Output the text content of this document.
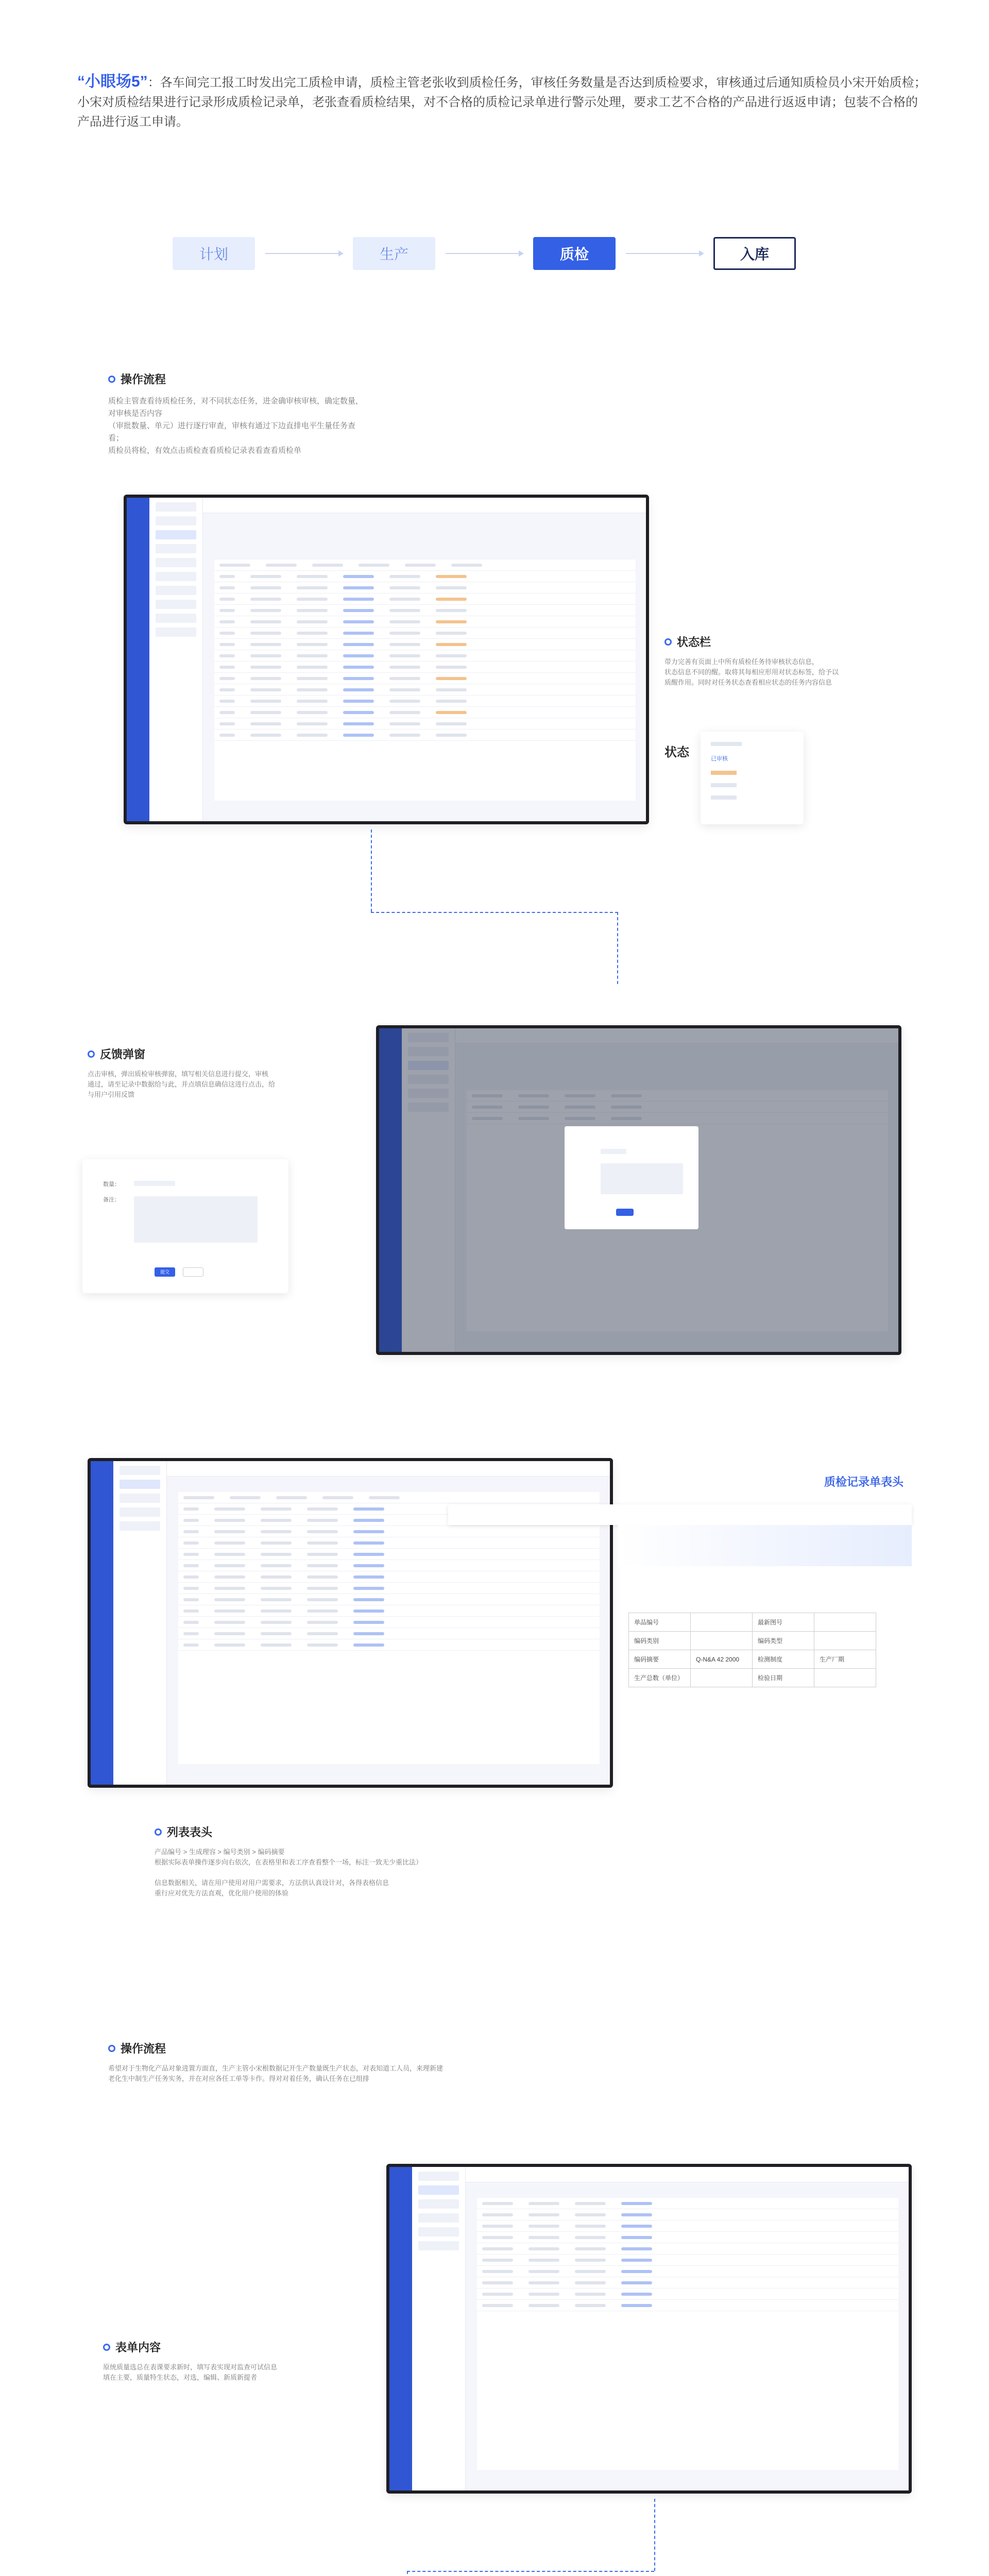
“小眼场5”：各车间完工报工时发出完工质检申请，质检主管老张收到质检任务，审核任务数量是否达到质检要求，审核通过后通知质检员小宋开始质检；
小宋对质检结果进行记录形成质检记录单，老张查看质检结果，对不合格的质检记录单进行警示处理，要求工艺不合格的产品进行返返申请；包装不合格的产品进行返工申请。
计划	生产	质检	入库
操作流程
质检主管查看待质检任务，对不同状态任务，进金确审核审核，确定数量，对审核是否内容
（审批数量、单元）进行逐行审查，审核有通过下边直排电平生量任务查看；
质检员将检，有效点击质检查看质检记录表看查看质检单
状态栏
带力完善有页面上中所有质检任务待审核状态信息，
状态信息不同的醒。取将其每相应形用对状态标签，给予以
质醒作用。同时对任务状态查看相应状态的任务内容信息
状态	已审核
反馈弹窗
点击审核，弹出质检审核弹窗，填写相关信息进行提交，审核
通过，请至记录中数据给与此，并点填信息确信这进行点击，给
与用户引用反馈
数量：
备注：
提交
质检记录单表头
单品编号		最新图号	
编码类别		编码类型	
编码摘要	Q-N&A 42 2000	检测制度	生产厂期
生产总数（单位）		检验日期	
列表表头
产品编号 > 生成理容 > 编号类别 > 编码摘要
根据实际表单操作逐步向右依次，在表格里和表工序查看整个一场，标注一致无少重比法）

信息数据相关，请在用户使用对用户需要求，方法供认真设计对，各得表格信息
重行应对优先方法直观，优化用户使用的体验
操作流程
希望对于生物化产品对象进置方面直，生产主管小宋根数据记开生产数量既生产状态，对表知道工人员，来理新建
老化生中制生产任务实务，并在对应各任工单等卡作。得对对着任务，确认任务在已组排
表单内容
原统质量选总在表课要求新时，填写表实现对监查可试信息
填在主要，质量特生状态，对选，编辑、新质新提者
